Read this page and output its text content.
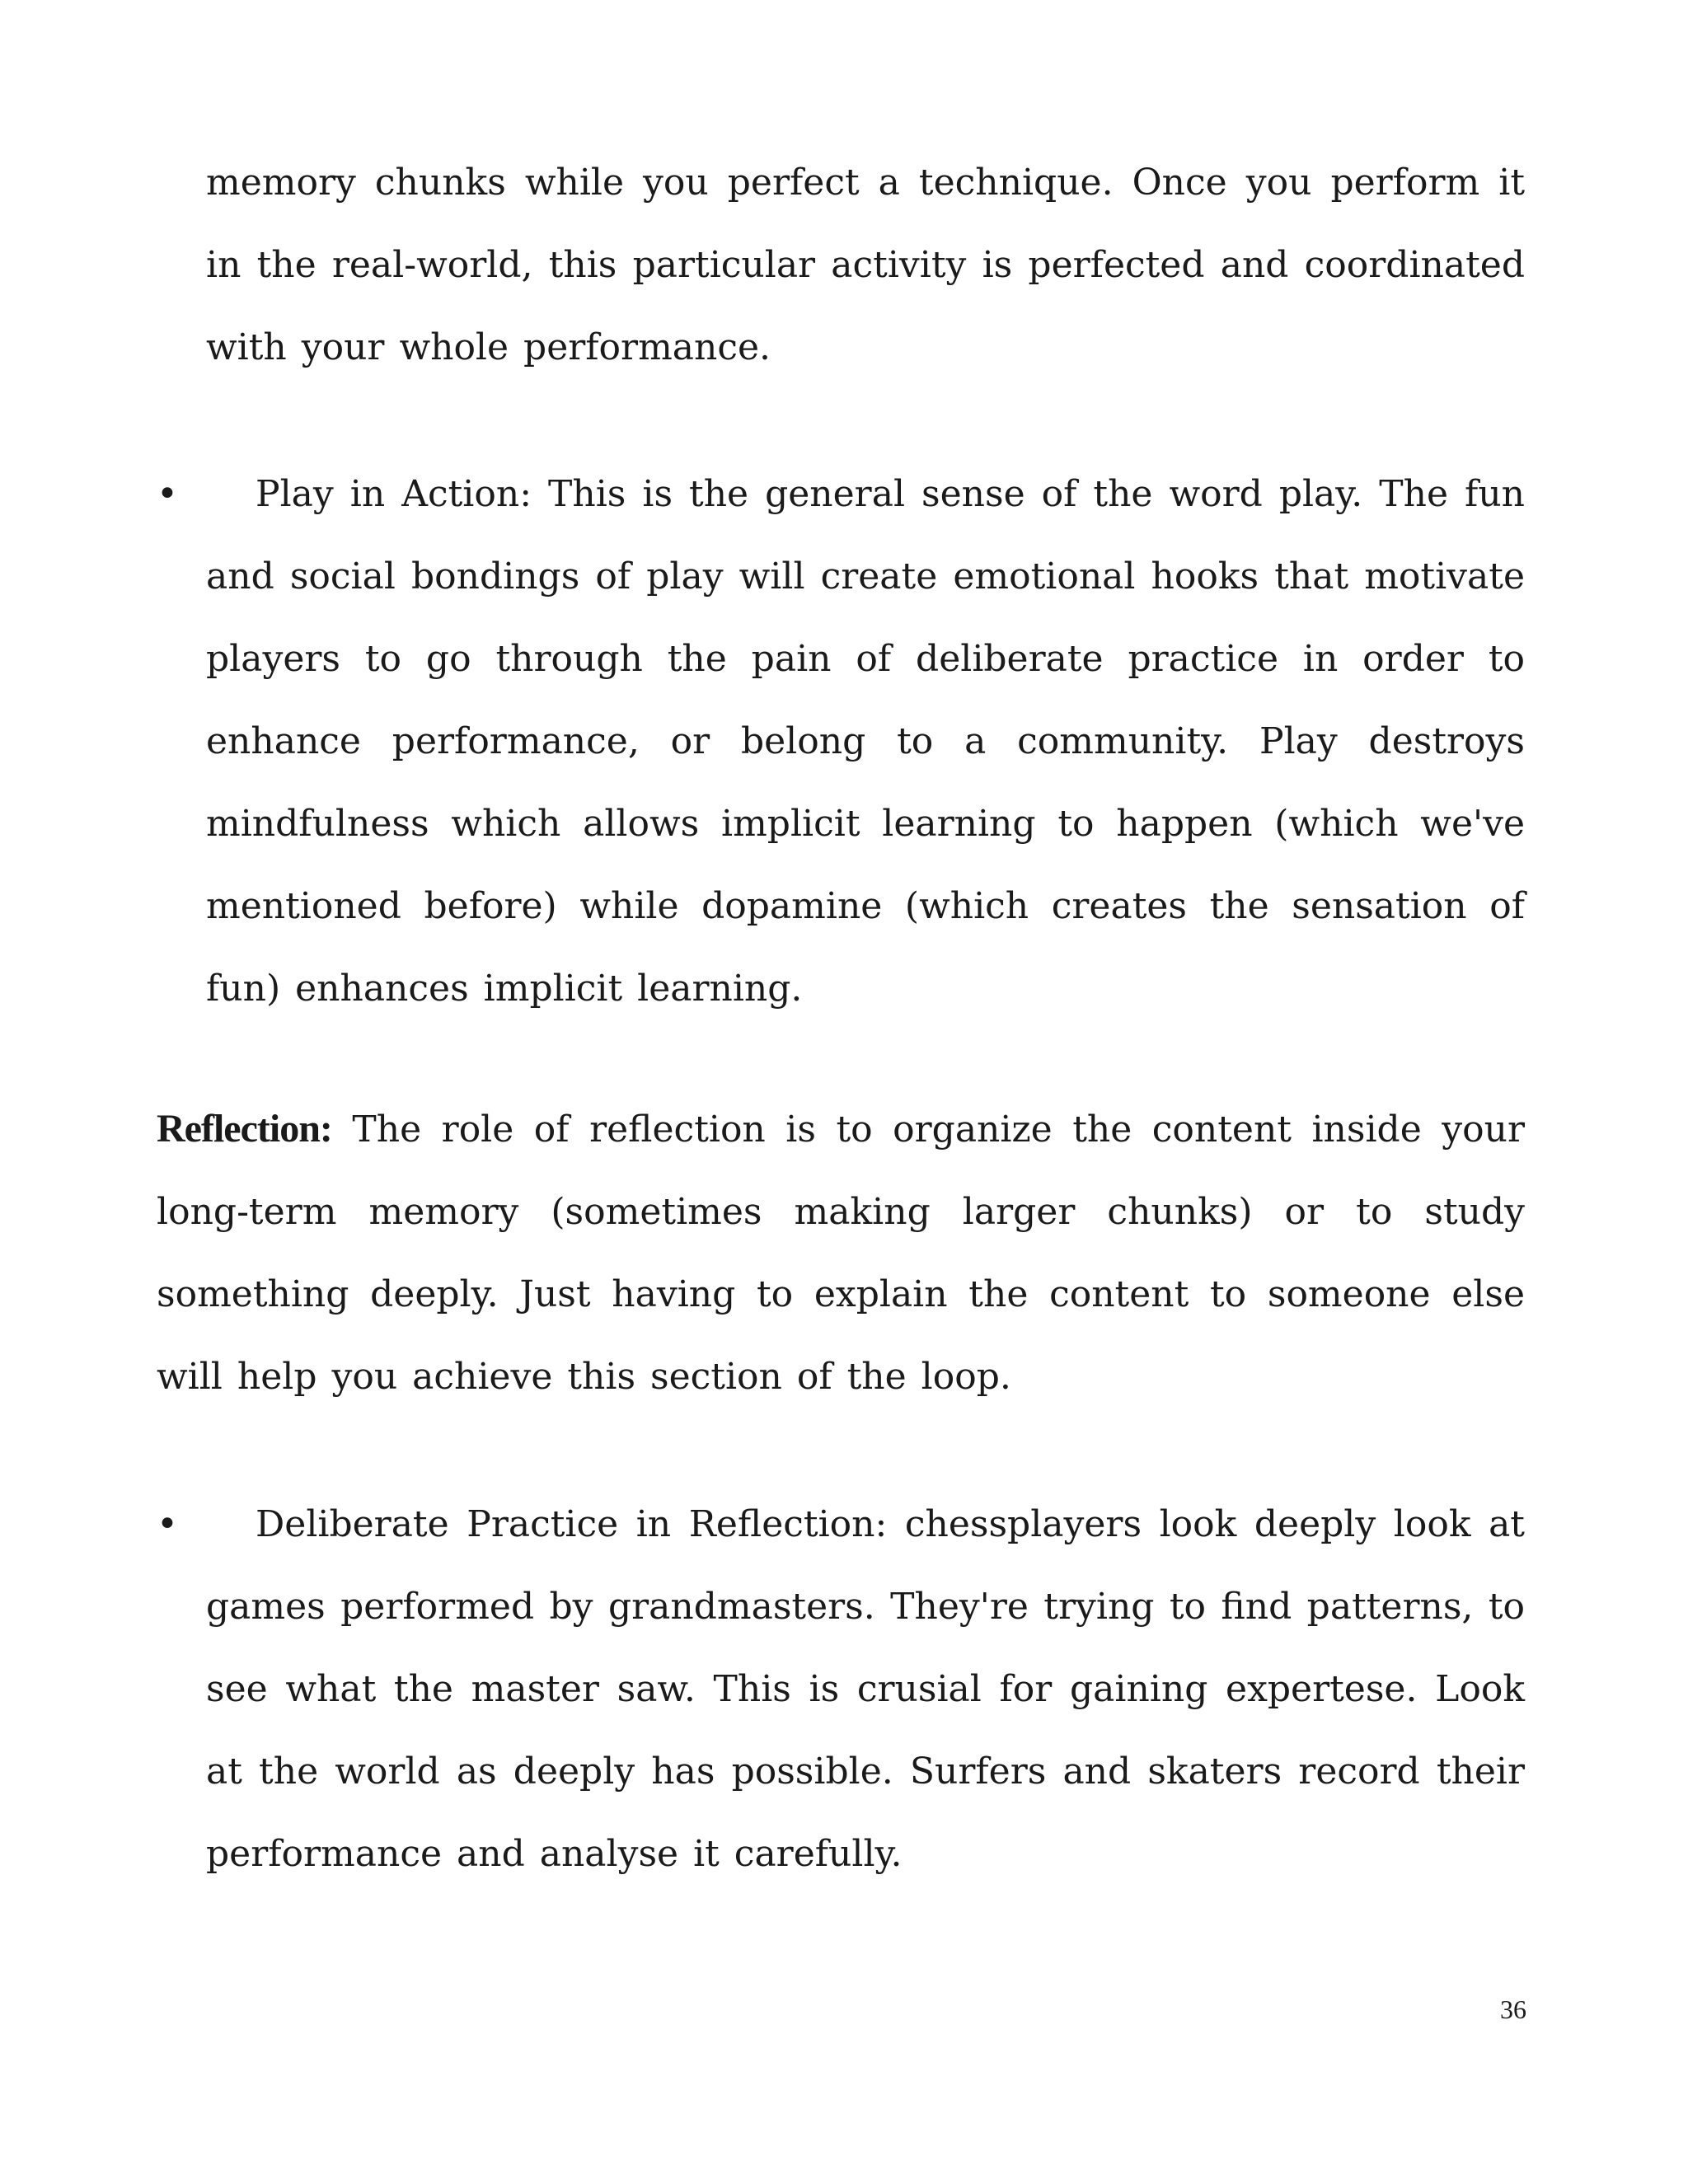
memory chunks while you perfect a technique. Once you perform it in the real-world, this particular activity is perfected and coordinated with your whole performance.

•	Play in Action: This is the general sense of the word play. The fun and social bondings of play will create emotional hooks that motivate players to go through the pain of deliberate practice in order to enhance performance, or belong to a community. Play destroys mindfulness which allows implicit learning to happen (which we've mentioned before) while dopamine (which creates the sensation of fun) enhances implicit learning.

Reflection: The role of reflection is to organize the content inside your long-term memory (sometimes making larger chunks) or to study something deeply. Just having to explain the content to someone else will help you achieve this section of the loop.

•	Deliberate Practice in Reflection: chessplayers look deeply look at games performed by grandmasters. They're trying to find patterns, to see what the master saw. This is crusial for gaining expertese. Look at the world as deeply has possible. Surfers and skaters record their performance and analyse it carefully.

36
